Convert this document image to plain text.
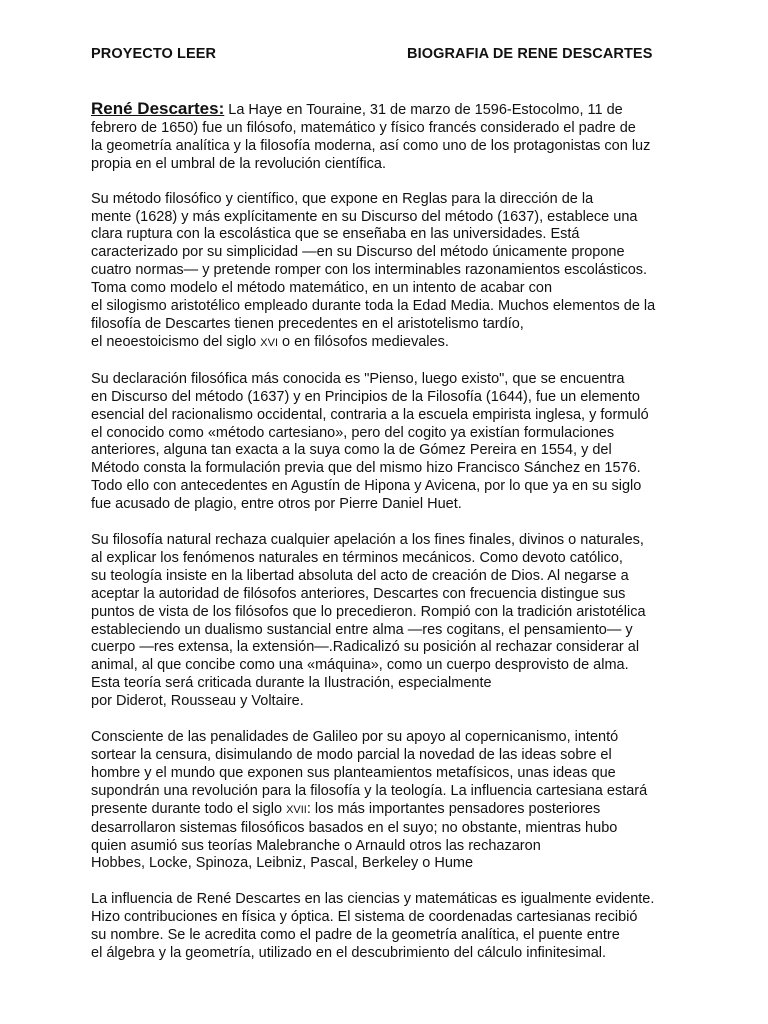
PROYECTO LEER	BIOGRAFIA DE RENE DESCARTES

René Descartes: La Haye en Touraine, 31 de marzo de 1596-Estocolmo, 11 de
febrero de 1650) fue un filósofo, matemático y físico francés considerado el padre de
la geometría analítica y la filosofía moderna, así como uno de los protagonistas con luz
propia en el umbral de la revolución científica.

Su método filosófico y científico, que expone en Reglas para la dirección de la
mente (1628) y más explícitamente en su Discurso del método (1637), establece una
clara ruptura con la escolástica que se enseñaba en las universidades. Está
caracterizado por su simplicidad —en su Discurso del método únicamente propone
cuatro normas— y pretende romper con los interminables razonamientos escolásticos.
Toma como modelo el método matemático, en un intento de acabar con
el silogismo aristotélico empleado durante toda la Edad Media. Muchos elementos de la
filosofía de Descartes tienen precedentes en el aristotelismo tardío,
el neoestoicismo del siglo XVI o en filósofos medievales.

Su declaración filosófica más conocida es "Pienso, luego existo", que se encuentra
en Discurso del método (1637) y en Principios de la Filosofía (1644), fue un elemento
esencial del racionalismo occidental, contraria a la escuela empirista inglesa, y formuló
el conocido como «método cartesiano», pero del cogito ya existían formulaciones
anteriores, alguna tan exacta a la suya como la de Gómez Pereira en 1554, y del
Método consta la formulación previa que del mismo hizo Francisco Sánchez en 1576.
Todo ello con antecedentes en Agustín de Hipona y Avicena, por lo que ya en su siglo
fue acusado de plagio, entre otros por Pierre Daniel Huet.

Su filosofía natural rechaza cualquier apelación a los fines finales, divinos o naturales,
al explicar los fenómenos naturales en términos mecánicos. Como devoto católico,
su teología insiste en la libertad absoluta del acto de creación de Dios. Al negarse a
aceptar la autoridad de filósofos anteriores, Descartes con frecuencia distingue sus
puntos de vista de los filósofos que lo precedieron. Rompió con la tradición aristotélica
estableciendo un dualismo sustancial entre alma —res cogitans, el pensamiento— y
cuerpo —res extensa, la extensión—.Radicalizó su posición al rechazar considerar al
animal, al que concibe como una «máquina», como un cuerpo desprovisto de alma.
Esta teoría será criticada durante la Ilustración, especialmente
por Diderot, Rousseau y Voltaire.

Consciente de las penalidades de Galileo por su apoyo al copernicanismo, intentó
sortear la censura, disimulando de modo parcial la novedad de las ideas sobre el
hombre y el mundo que exponen sus planteamientos metafísicos, unas ideas que
supondrán una revolución para la filosofía y la teología. La influencia cartesiana estará
presente durante todo el siglo XVII: los más importantes pensadores posteriores
desarrollaron sistemas filosóficos basados en el suyo; no obstante, mientras hubo
quien asumió sus teorías Malebranche o Arnauld otros las rechazaron
Hobbes, Locke, Spinoza, Leibniz, Pascal, Berkeley o Hume

La influencia de René Descartes en las ciencias y matemáticas es igualmente evidente.
Hizo contribuciones en física y óptica. El sistema de coordenadas cartesianas recibió
su nombre. Se le acredita como el padre de la geometría analítica, el puente entre
el álgebra y la geometría, utilizado en el descubrimiento del cálculo infinitesimal.
